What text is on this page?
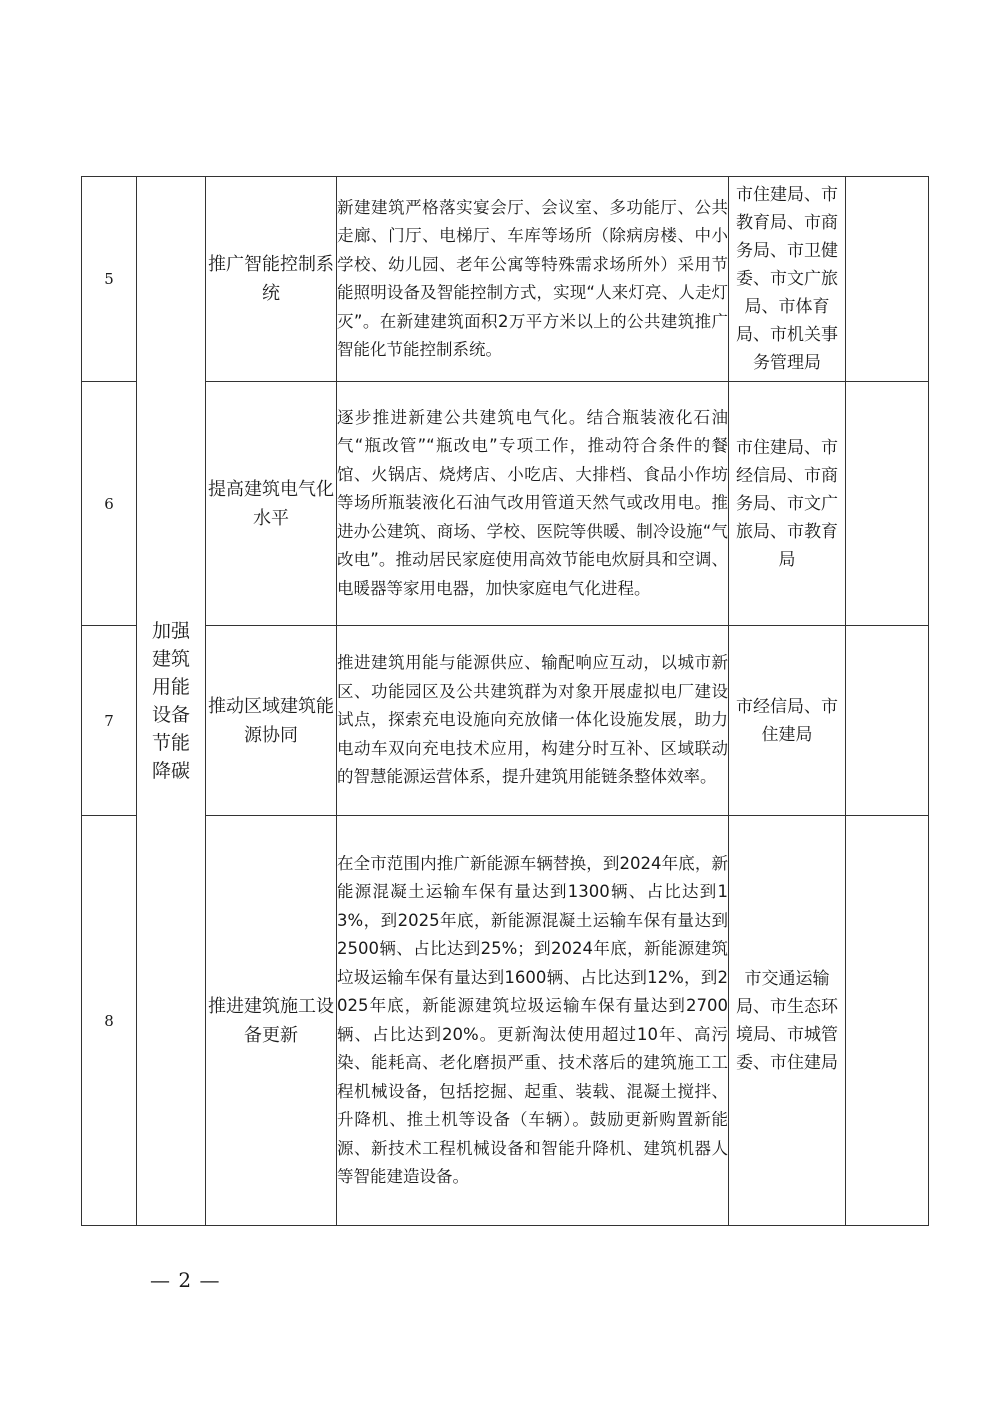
5	加强建筑用能设备节能降碳	推广智能控制系统	新建建筑严格落实宴会厅、会议室、多功能厅、公共走廊、门厅、电梯厅、车库等场所（除病房楼、中小学校、幼儿园、老年公寓等特殊需求场所外）采用节能照明设备及智能控制方式，实现“人来灯亮、人走灯灭”。在新建建筑面积2万平方米以上的公共建筑推广智能化节能控制系统。	市住建局、市教育局、市商务局、市卫健委、市文广旅局、市体育局、市机关事务管理局	
6		提高建筑电气化水平	逐步推进新建公共建筑电气化。结合瓶装液化石油气“瓶改管”“瓶改电”专项工作，推动符合条件的餐馆、火锅店、烧烤店、小吃店、大排档、食品小作坊等场所瓶装液化石油气改用管道天然气或改用电。推进办公建筑、商场、学校、医院等供暖、制冷设施“气改电”。推动居民家庭使用高效节能电炊厨具和空调、电暖器等家用电器，加快家庭电气化进程。	市住建局、市经信局、市商务局、市文广旅局、市教育局	
7		推动区域建筑能源协同	推进建筑用能与能源供应、输配响应互动，以城市新区、功能园区及公共建筑群为对象开展虚拟电厂建设试点，探索充电设施向充放储一体化设施发展，助力电动车双向充电技术应用，构建分时互补、区域联动的智慧能源运营体系，提升建筑用能链条整体效率。	市经信局、市住建局	
8		推进建筑施工设备更新	在全市范围内推广新能源车辆替换，到2024年底，新能源混凝土运输车保有量达到1300辆、占比达到13%，到2025年底，新能源混凝土运输车保有量达到2500辆、占比达到25%；到2024年底，新能源建筑垃圾运输车保有量达到1600辆、占比达到12%，到2025年底，新能源建筑垃圾运输车保有量达到2700辆、占比达到20%。更新淘汰使用超过10年、高污染、能耗高、老化磨损严重、技术落后的建筑施工工程机械设备，包括挖掘、起重、装载、混凝土搅拌、升降机、推土机等设备（车辆）。鼓励更新购置新能源、新技术工程机械设备和智能升降机、建筑机器人等智能建造设备。	市交通运输局、市生态环境局、市城管委、市住建局	
— 2 —
